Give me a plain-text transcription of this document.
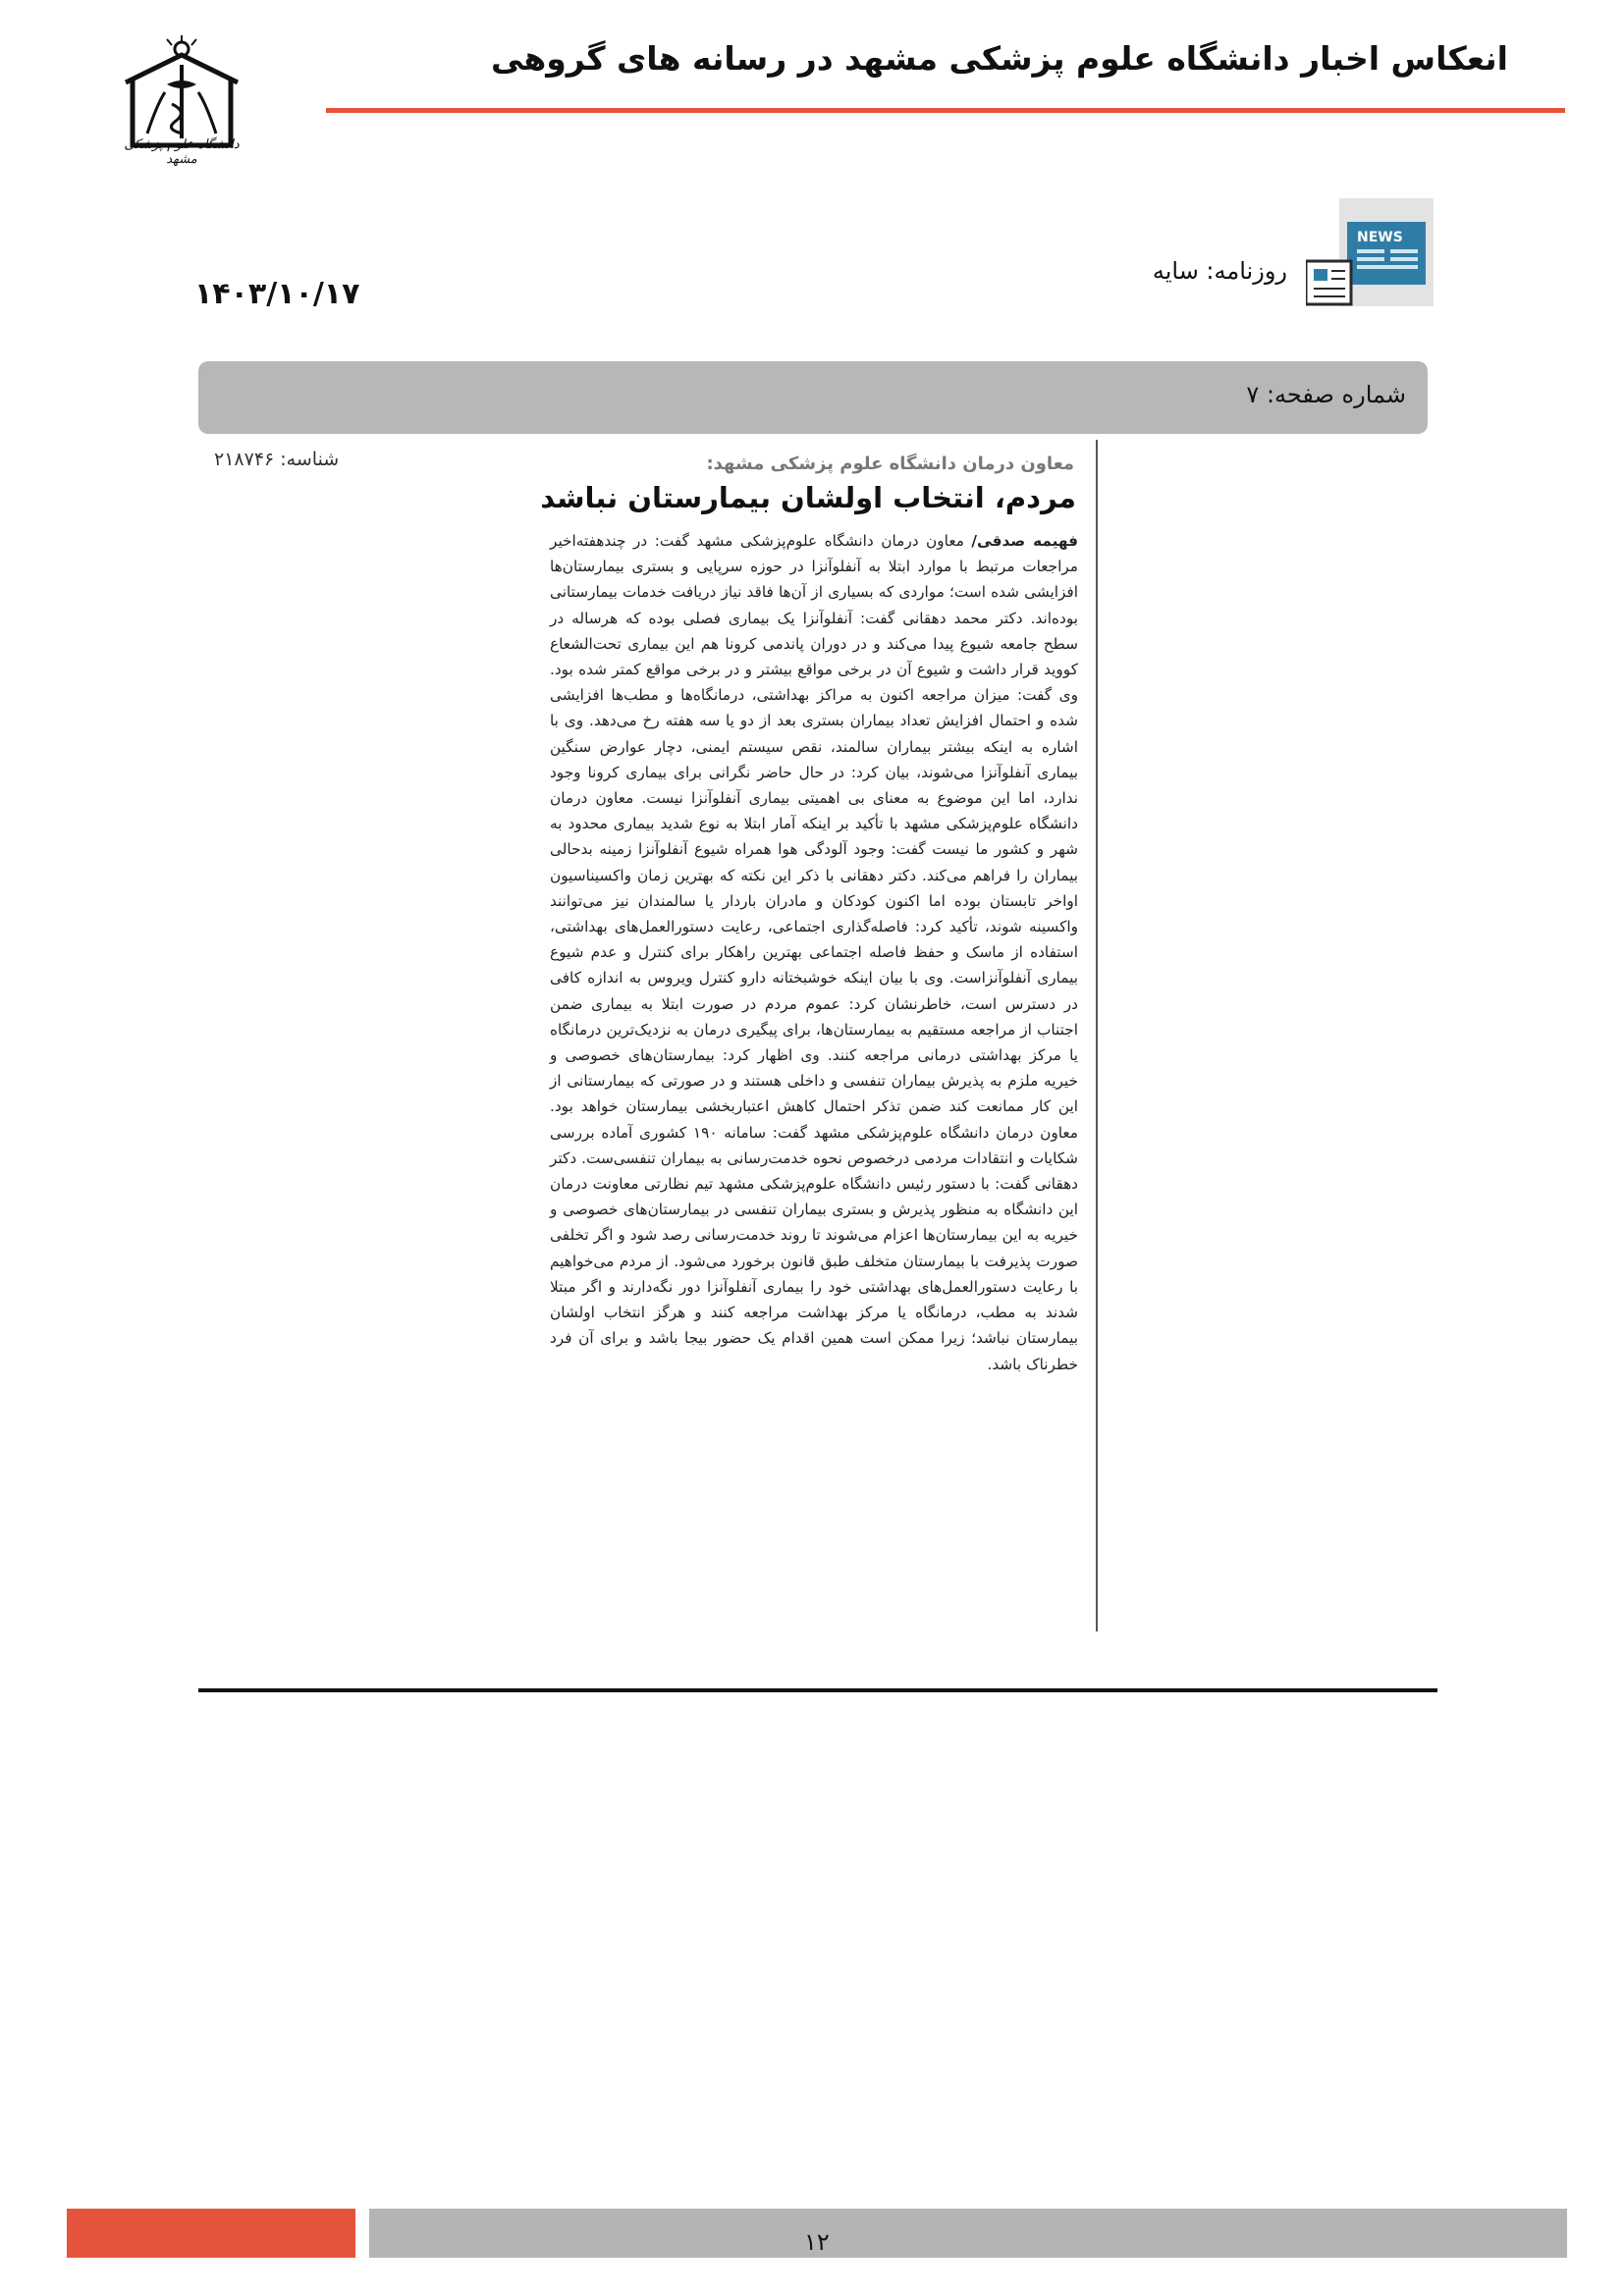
انعکاس اخبار دانشگاه علوم پزشکی مشهد در رسانه های گروهی
دانشگاه علوم پزشکی مشهد
NEWS
روزنامه: سایه
۱۴۰۳/۱۰/۱۷
شماره صفحه: ۷
شناسه: ۲۱۸۷۴۶	معاون درمان دانشگاه علوم پزشکی مشهد:
مردم، انتخاب اولشان بیمارستان نباشد
فهیمه صدقی/ معاون درمان دانشگاه علوم‌پزشکی مشهد گفت: در چندهفته‌اخیر مراجعات مرتبط با موارد ابتلا به آنفلوآنزا در حوزه سرپایی و بستری بیمارستان‌ها افزایشی شده است؛ مواردی که بسیاری از آن‌ها فاقد نیاز دریافت خدمات بیمارستانی بوده‌اند. دکتر محمد دهقانی گفت: آنفلوآنزا یک بیماری فصلی بوده که هرساله در سطح جامعه شیوع پیدا می‌کند و در دوران پاندمی کرونا هم این بیماری تحت‌الشعاع کووید قرار داشت و شیوع آن در برخی مواقع بیشتر و در برخی مواقع کمتر شده بود. وی گفت: میزان مراجعه اکنون به مراکز بهداشتی، درمانگاه‌ها و مطب‌ها افزایشی شده و احتمال افزایش تعداد بیماران بستری بعد از دو یا سه هفته رخ می‌دهد. وی با اشاره به اینکه بیشتر بیماران سالمند، نقص سیستم ایمنی، دچار عوارض سنگین بیماری آنفلوآنزا می‌شوند، بیان کرد: در حال حاضر نگرانی برای بیماری کرونا وجود ندارد، اما این موضوع به معنای بی اهمیتی بیماری آنفلوآنزا نیست. معاون درمان دانشگاه علوم‌پزشکی مشهد با تأکید بر اینکه آمار ابتلا به نوع شدید بیماری محدود به شهر و کشور ما نیست گفت: وجود آلودگی هوا همراه شیوع آنفلوآنزا زمینه بدحالی بیماران را فراهم می‌کند. دکتر دهقانی با ذکر این نکته که بهترین زمان واکسیناسیون اواخر تابستان بوده اما اکنون کودکان و مادران باردار یا سالمندان نیز می‌توانند واکسینه شوند، تأکید کرد: فاصله‌گذاری اجتماعی، رعایت دستورالعمل‌های بهداشتی، استفاده از ماسک و حفظ فاصله اجتماعی بهترین راهکار برای کنترل و عدم شیوع بیماری آنفلوآنزاست. وی با بیان اینکه خوشبختانه دارو کنترل ویروس به اندازه کافی در دسترس است، خاطرنشان کرد: عموم مردم در صورت ابتلا به بیماری ضمن اجتناب از مراجعه مستقیم به بیمارستان‌ها، برای پیگیری درمان به نزدیک‌ترین درمانگاه یا مرکز بهداشتی درمانی مراجعه کنند. وی اظهار کرد: بیمارستان‌های خصوصی و خیریه ملزم به پذیرش بیماران تنفسی و داخلی هستند و در صورتی که بیمارستانی از این کار ممانعت کند ضمن تذکر احتمال کاهش اعتباربخشی بیمارستان خواهد بود. معاون درمان دانشگاه علوم‌پزشکی مشهد گفت: سامانه ۱۹۰ کشوری آماده بررسی شکایات و انتقادات مردمی درخصوص نحوه خدمت‌رسانی به بیماران تنفسی‌ست. دکتر دهقانی گفت: با دستور رئیس دانشگاه علوم‌پزشکی مشهد تیم نظارتی معاونت درمان این دانشگاه به منظور پذیرش و بستری بیماران تنفسی در بیمارستان‌های خصوصی و خیریه به این بیمارستان‌ها اعزام می‌شوند تا روند خدمت‌رسانی رصد شود و اگر تخلفی صورت پذیرفت با بیمارستان متخلف طبق قانون برخورد می‌شود. از مردم می‌خواهیم با رعایت دستورالعمل‌های بهداشتی خود را بیماری آنفلوآنزا دور نگه‌دارند و اگر مبتلا شدند به مطب، درمانگاه یا مرکز بهداشت مراجعه کنند و هرگز انتخاب اولشان بیمارستان نباشد؛ زیرا ممکن است همین اقدام یک حضور بیجا باشد و برای آن فرد خطرناک باشد.
۱۲
